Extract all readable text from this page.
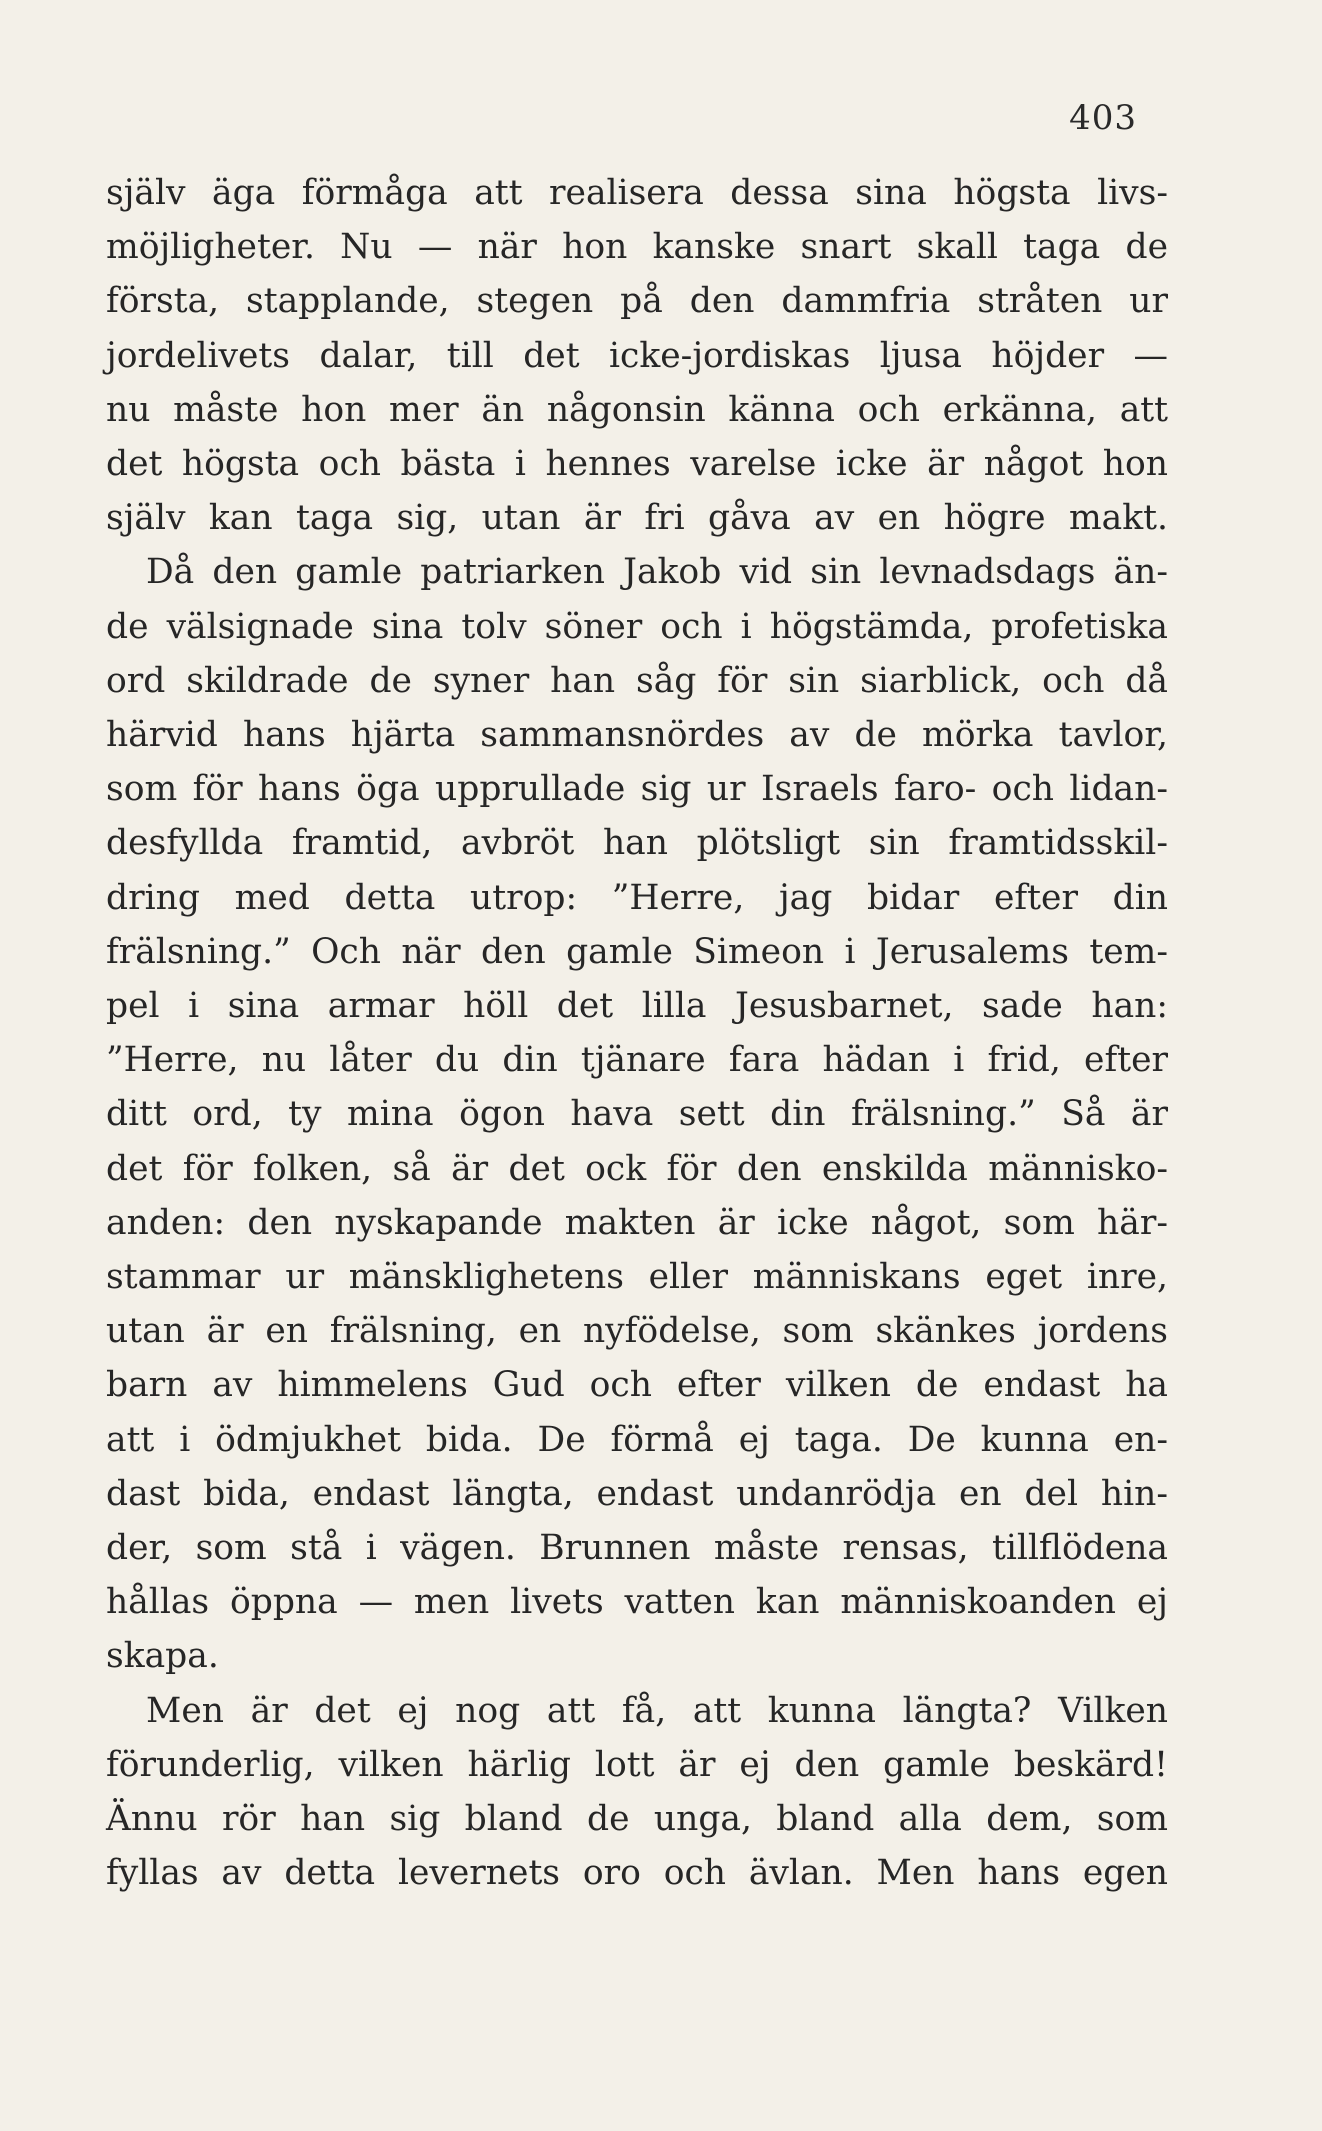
403
själv äga förmåga att realisera dessa sina högsta livs-
möjligheter. Nu — när hon kanske snart skall taga de
första, stapplande, stegen på den dammfria stråten ur
jordelivets dalar, till det icke-jordiskas ljusa höjder —
nu måste hon mer än någonsin känna och erkänna, att
det högsta och bästa i hennes varelse icke är något hon
själv kan taga sig, utan är fri gåva av en högre makt.
Då den gamle patriarken Jakob vid sin levnadsdags än-
de välsignade sina tolv söner och i högstämda, profetiska
ord skildrade de syner han såg för sin siarblick, och då
härvid hans hjärta sammansnördes av de mörka tavlor,
som för hans öga upprullade sig ur Israels faro- och lidan-
desfyllda framtid, avbröt han plötsligt sin framtidsskil-
dring med detta utrop: ”Herre, jag bidar efter din
frälsning.” Och när den gamle Simeon i Jerusalems tem-
pel i sina armar höll det lilla Jesusbarnet, sade han:
”Herre, nu låter du din tjänare fara hädan i frid, efter
ditt ord, ty mina ögon hava sett din frälsning.” Så är
det för folken, så är det ock för den enskilda människo-
anden: den nyskapande makten är icke något, som här-
stammar ur mänsklighetens eller människans eget inre,
utan är en frälsning, en nyfödelse, som skänkes jordens
barn av himmelens Gud och efter vilken de endast ha
att i ödmjukhet bida. De förmå ej taga. De kunna en-
dast bida, endast längta, endast undanrödja en del hin-
der, som stå i vägen. Brunnen måste rensas, tillflödena
hållas öppna — men livets vatten kan människoanden ej
skapa.
Men är det ej nog att få, att kunna längta? Vilken
förunderlig, vilken härlig lott är ej den gamle beskärd!
Ännu rör han sig bland de unga, bland alla dem, som
fyllas av detta levernets oro och ävlan. Men hans egen
